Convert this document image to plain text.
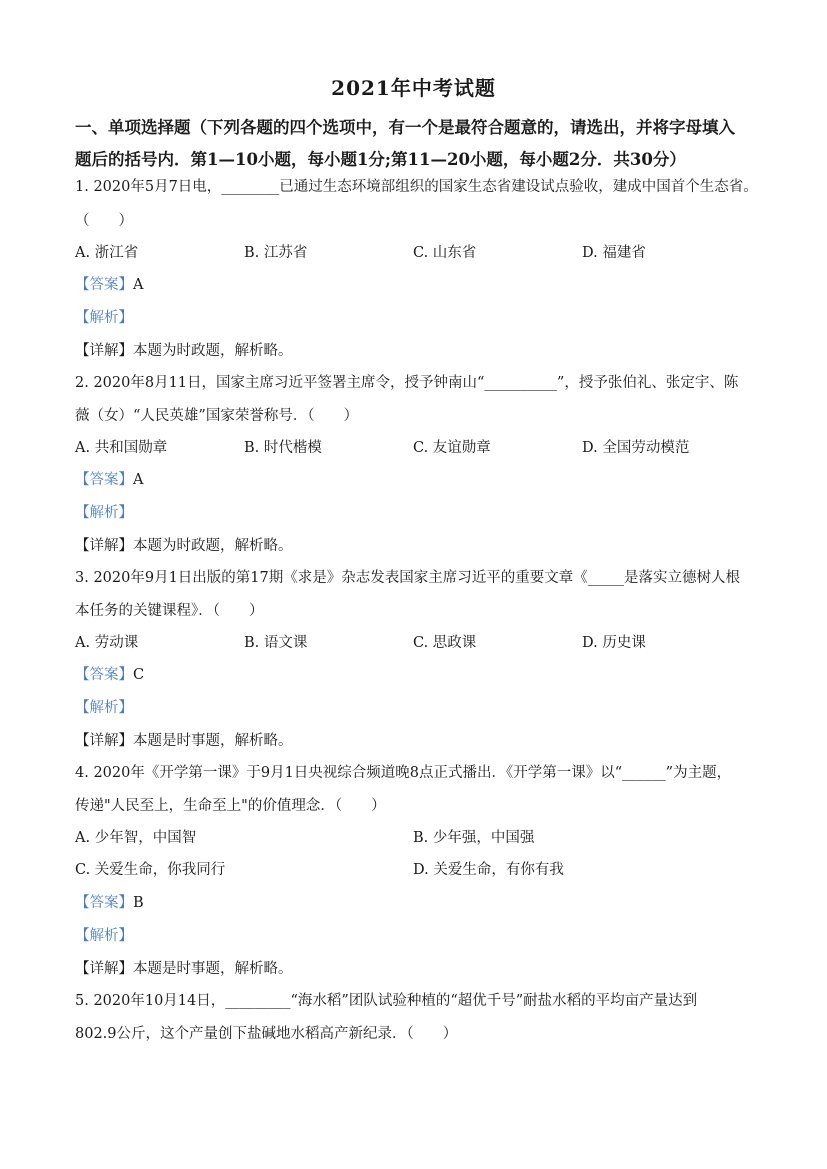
2021年中考试题
一、单项选择题（下列各题的四个选项中，有一个是最符合题意的，请选出，并将字母填入
题后的括号内．第1—10小题，每小题1分;第11—20小题，每小题2分．共30分）
1. 2020年5月7日电，________已通过生态环境部组织的国家生态省建设试点验收，建成中国首个生态省。
（　　）
A. 浙江省	B. 江苏省	C. 山东省	D. 福建省
【答案】A
【解析】
【详解】本题为时政题，解析略。
2. 2020年8月11日，国家主席习近平签署主席令，授予钟南山“__________”，授予张伯礼、张定宇、陈
薇（女）“人民英雄”国家荣誉称号．（　　）
A. 共和国勋章	B. 时代楷模	C. 友谊勋章	D. 全国劳动模范
【答案】A
【解析】
【详解】本题为时政题，解析略。
3. 2020年9月1日出版的第17期《求是》杂志发表国家主席习近平的重要文章《_____是落实立德树人根
本任务的关键课程》．（　　）
A. 劳动课	B. 语文课	C. 思政课	D. 历史课
【答案】C
【解析】
【详解】本题是时事题，解析略。
4. 2020年《开学第一课》于9月1日央视综合频道晚8点正式播出．《开学第一课》以“______”为主题，
传递"人民至上，生命至上"的价值理念．（　　）
A. 少年智，中国智	B. 少年强，中国强
C. 关爱生命，你我同行	D. 关爱生命，有你有我
【答案】B
【解析】
【详解】本题是时事题，解析略。
5. 2020年10月14日，_________“海水稻”团队试验种植的“超优千号”耐盐水稻的平均亩产量达到
802.9公斤，这个产量创下盐碱地水稻高产新纪录．（　　）
